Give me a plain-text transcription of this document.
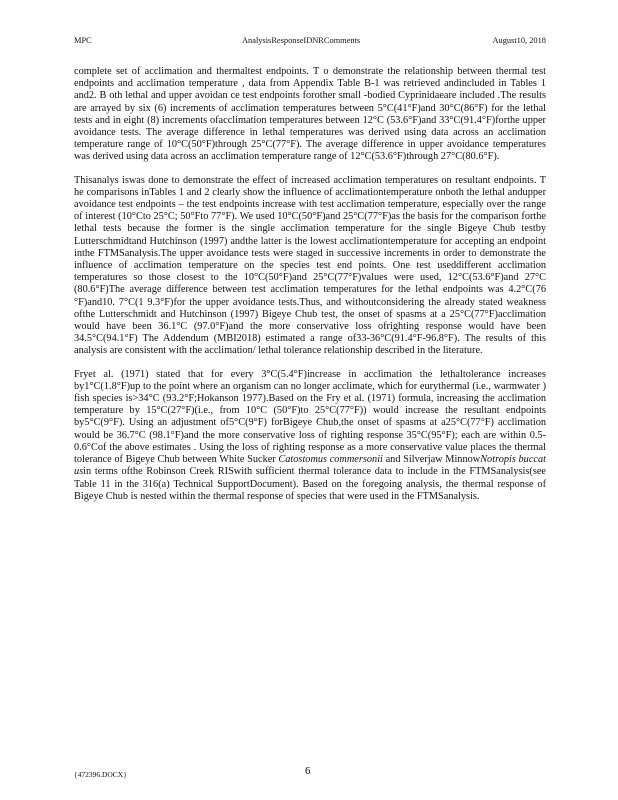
MPC	AnalysisResponseIDNRComments	August10, 2018

complete set of acclimation and thermaltest endpoints. T o demonstrate the relationship between thermal test endpoints and acclimation temperature , data from Appendix Table B-1 was retrieved andincluded in Tables 1 and2. B oth lethal and upper avoidan ce test endpoints forother small -bodied Cyprinidaeare included .The results are arrayed by six (6) increments of acclimation temperatures between 5°C(41°F)and 30°C(86°F) for the lethal tests and in eight (8) increments ofacclimation temperatures between 12°C (53.6°F)and 33°C(91.4°F)forthe upper avoidance tests. The average difference in lethal temperatures was derived using data across an acclimation temperature range of 10°C(50°F)through 25°C(77°F). The average difference in upper avoidance temperatures was derived using data across an acclimation temperature range of 12°C(53.6°F)through 27°C(80.6°F).

Thisanalys iswas done to demonstrate the effect of increased acclimation temperatures on resultant endpoints. T he comparisons inTables 1 and 2 clearly show the influence of acclimationtemperature onboth the lethal andupper avoidance test endpoints – the test endpoints increase with test acclimation temperature, especially over the range of interest (10°Cto 25°C; 50°Fto 77°F). We used 10°C(50°F)and 25°C(77°F)as the basis for the comparison forthe lethal tests because the former is the single acclimation temperature for the single Bigeye Chub testby Lutterschmidtand Hutchinson (1997) andthe latter is the lowest acclimationtemperature for accepting an endpoint inthe FTMSanalysis.The upper avoidance tests were staged in successive increments in order to demonstrate the influence of acclimation temperature on the species test end points. One test useddifferent acclimation temperatures so those closest to the 10°C(50°F)and 25°C(77°F)values were used, 12°C(53.6°F)and 27°C (80.6°F)The average difference between test acclimation temperatures for the lethal endpoints was 4.2°C(76 °F)and10. 7°C(1 9.3°F)for the upper avoidance tests.Thus, and withoutconsidering the already stated weakness ofthe Lutterschmidt and Hutchinson (1997) Bigeye Chub test, the onset of spasms at a 25°C(77°F)acclimation would have been 36.1°C (97.0°F)and the more conservative loss ofrighting response would have been 34.5°C(94.1°F) The Addendum (MBI2018) estimated a range of33-36°C(91.4°F-96.8°F). The results of this analysis are consistent with the acclimation/ lethal tolerance relationship described in the literature.

Fryet al. (1971) stated that for every 3°C(5.4°F)increase in acclimation the lethaltolerance increases by1°C(1.8°F)up to the point where an organism can no longer acclimate, which for eurythermal (i.e., warmwater ) fish species is>34°C (93.2°F;Hokanson 1977).Based on the Fry et al. (1971) formula, increasing the acclimation temperature by 15°C(27°F)(i.e., from 10°C (50°F)to 25°C(77°F)) would increase the resultant endpoints by5°C(9°F). Using an adjustment of5°C(9°F) forBigeye Chub,the onset of spasms at a25°C(77°F) acclimation would be 36.7°C (98.1°F)and the more conservative loss of righting response 35°C(95°F); each are within 0.5-0.6°Cof the above estimates . Using the loss of righting response as a more conservative value places the thermal tolerance of Bigeye Chub between White Sucker Catostomus commersonii and Silverjaw MinnowNotropis buccat usin terms ofthe Robinson Creek RISwith sufficient thermal tolerance data to include in the FTMSanalysis(see Table 11 in the 316(a) Technical SupportDocument). Based on the foregoing analysis, the thermal response of Bigeye Chub is nested within the thermal response of species that were used in the FTMSanalysis.

{472396.DOCX}	6
